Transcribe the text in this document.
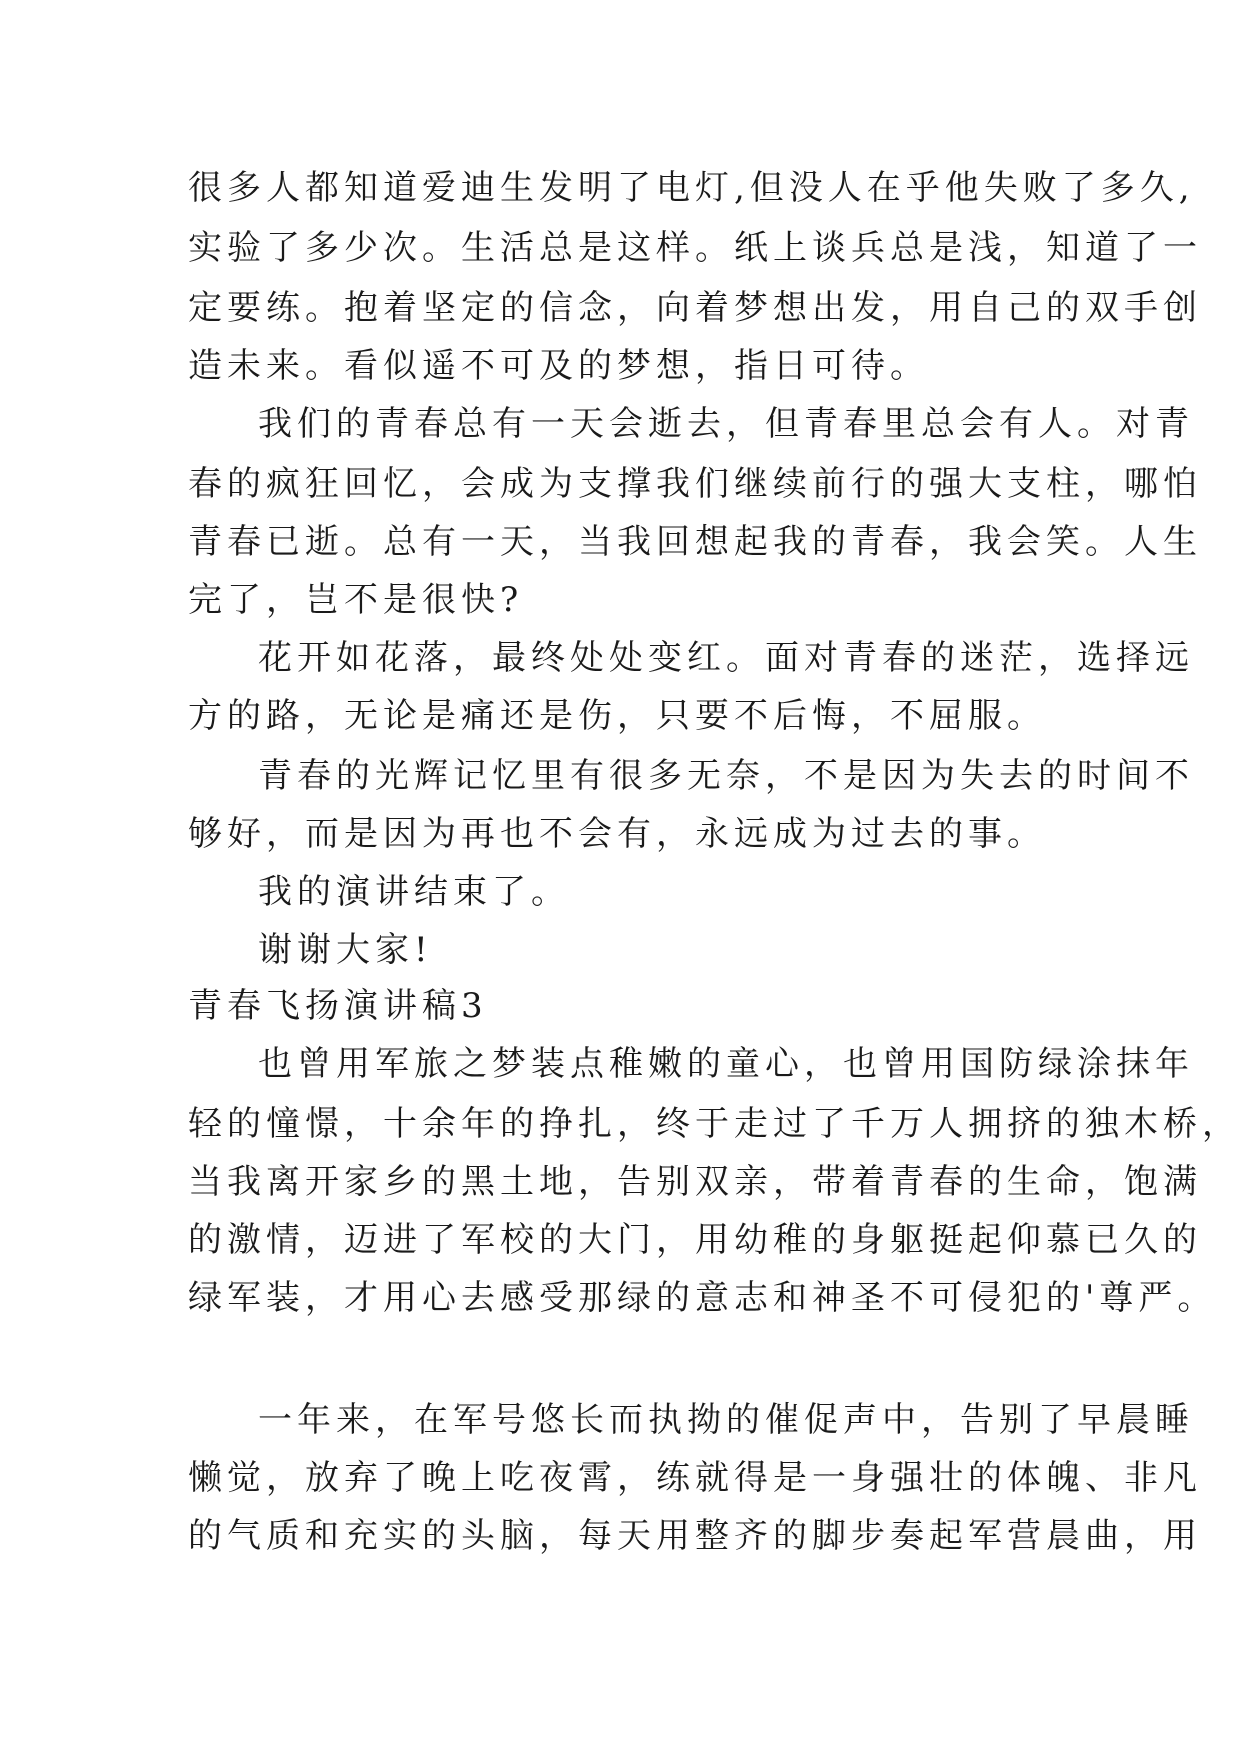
很多人都知道爱迪生发明了电灯,但没人在乎他失败了多久,

实验了多少次。生活总是这样。纸上谈兵总是浅，知道了一

定要练。抱着坚定的信念，向着梦想出发，用自己的双手创

造未来。看似遥不可及的梦想，指日可待。

我们的青春总有一天会逝去，但青春里总会有人。对青

春的疯狂回忆，会成为支撑我们继续前行的强大支柱，哪怕

青春已逝。总有一天，当我回想起我的青春，我会笑。人生

完了，岂不是很快?

花开如花落，最终处处变红。面对青春的迷茫，选择远

方的路，无论是痛还是伤，只要不后悔，不屈服。

青春的光辉记忆里有很多无奈，不是因为失去的时间不

够好，而是因为再也不会有，永远成为过去的事。

我的演讲结束了。

谢谢大家!

青春飞扬演讲稿3

也曾用军旅之梦装点稚嫩的童心，也曾用国防绿涂抹年

轻的憧憬，十余年的挣扎，终于走过了千万人拥挤的独木桥，

当我离开家乡的黑土地，告别双亲，带着青春的生命，饱满

的激情，迈进了军校的大门，用幼稚的身躯挺起仰慕已久的

绿军装，才用心去感受那绿的意志和神圣不可侵犯的'尊严。

一年来，在军号悠长而执拗的催促声中，告别了早晨睡

懒觉，放弃了晚上吃夜霄，练就得是一身强壮的体魄、非凡

的气质和充实的头脑，每天用整齐的脚步奏起军营晨曲，用
